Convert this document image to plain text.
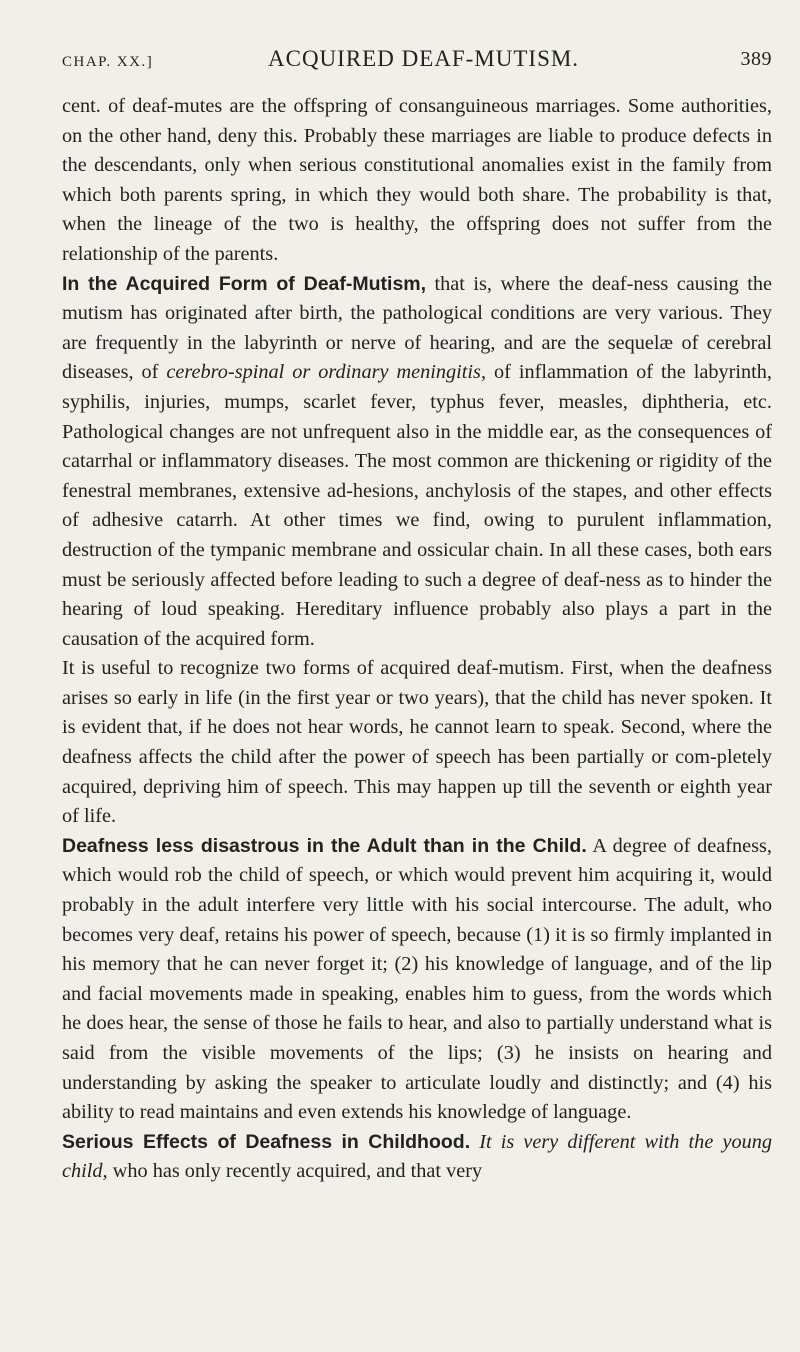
CHAP. XX.]	ACQUIRED DEAF-MUTISM.	389

cent. of deaf-mutes are the offspring of consanguineous marriages. Some authorities, on the other hand, deny this. Probably these marriages are liable to produce defects in the descendants, only when serious constitutional anomalies exist in the family from which both parents spring, in which they would both share. The probability is that, when the lineage of the two is healthy, the offspring does not suffer from the relationship of the parents.

In the Acquired Form of Deaf-Mutism, that is, where the deaf-ness causing the mutism has originated after birth, the pathological conditions are very various. They are frequently in the labyrinth or nerve of hearing, and are the sequelæ of cerebral diseases, of cerebro-spinal or ordinary meningitis, of inflammation of the labyrinth, syphilis, injuries, mumps, scarlet fever, typhus fever, measles, diphtheria, etc. Pathological changes are not unfrequent also in the middle ear, as the consequences of catarrhal or inflammatory diseases. The most common are thickening or rigidity of the fenestral membranes, extensive ad-hesions, anchylosis of the stapes, and other effects of adhesive catarrh. At other times we find, owing to purulent inflammation, destruction of the tympanic membrane and ossicular chain. In all these cases, both ears must be seriously affected before leading to such a degree of deaf-ness as to hinder the hearing of loud speaking. Hereditary influence probably also plays a part in the causation of the acquired form.

It is useful to recognize two forms of acquired deaf-mutism. First, when the deafness arises so early in life (in the first year or two years), that the child has never spoken. It is evident that, if he does not hear words, he cannot learn to speak. Second, where the deafness affects the child after the power of speech has been partially or com-pletely acquired, depriving him of speech. This may happen up till the seventh or eighth year of life.

Deafness less disastrous in the Adult than in the Child. A degree of deafness, which would rob the child of speech, or which would prevent him acquiring it, would probably in the adult interfere very little with his social intercourse. The adult, who becomes very deaf, retains his power of speech, because (1) it is so firmly implanted in his memory that he can never forget it; (2) his knowledge of language, and of the lip and facial movements made in speaking, enables him to guess, from the words which he does hear, the sense of those he fails to hear, and also to partially understand what is said from the visible movements of the lips; (3) he insists on hearing and understanding by asking the speaker to articulate loudly and distinctly; and (4) his ability to read maintains and even extends his knowledge of language.

Serious Effects of Deafness in Childhood. It is very different with the young child, who has only recently acquired, and that very
